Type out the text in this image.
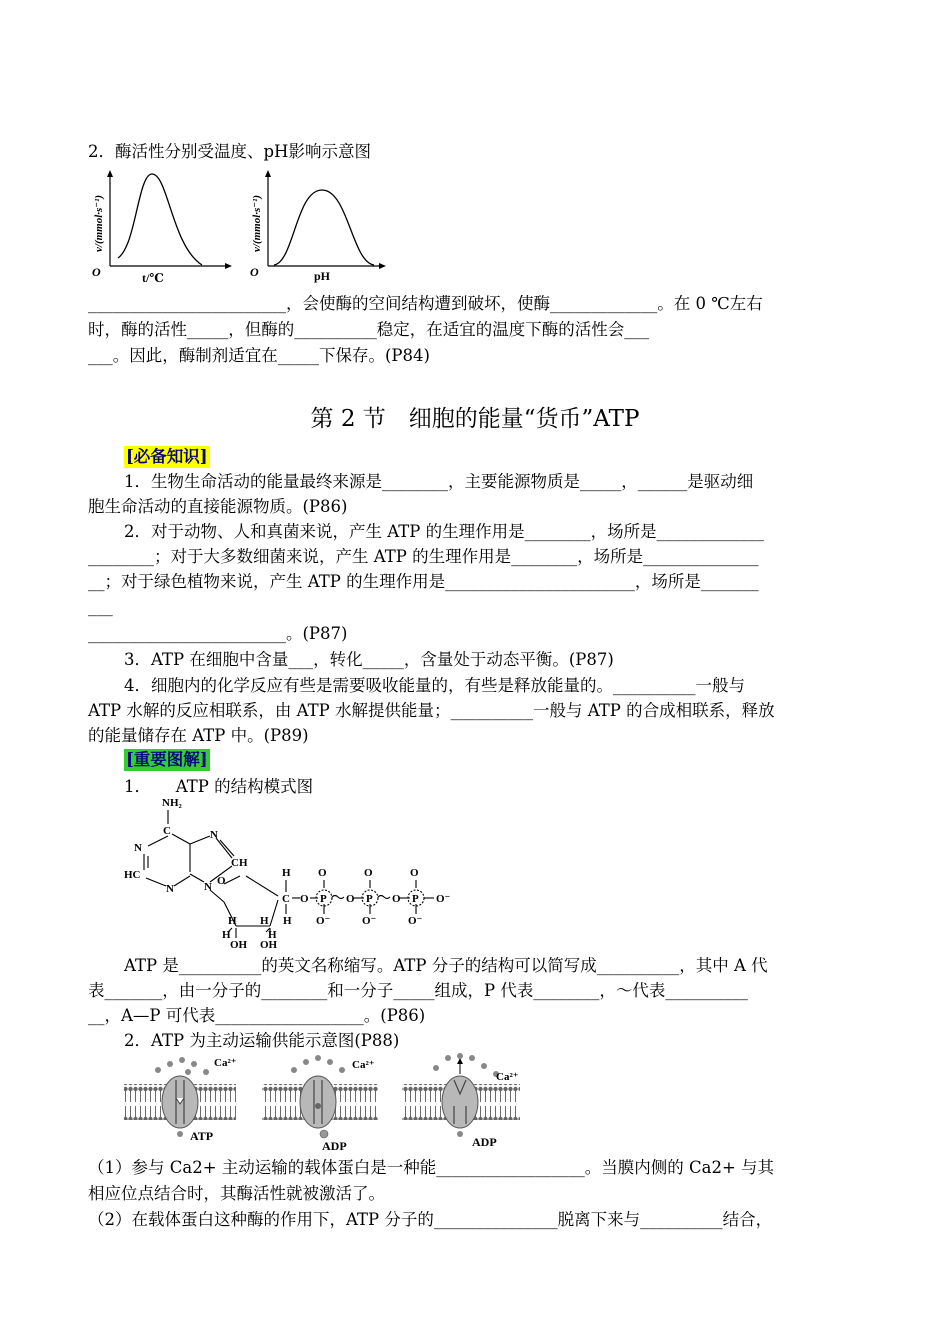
2．酶活性分别受温度、pH影响示意图
v/(mmol·s⁻¹)
O	t/℃
v/(mmol·s⁻¹)
O	pH
________________________，会使酶的空间结构遭到破坏，使酶_____________。在 0 ℃左右
时，酶的活性_____，但酶的__________稳定，在适宜的温度下酶的活性会___
___。因此，酶制剂适宜在_____下保存。(P84)
第 2 节　细胞的能量“货币”ATP
[必备知识]
1．生物生命活动的能量最终来源是________，主要能源物质是_____，______是驱动细
胞生命活动的直接能源物质。(P86)
2．对于动物、人和真菌来说，产生 ATP 的生理作用是________，场所是_____________
________；对于大多数细菌来说，产生 ATP 的生理作用是________，场所是______________
__；对于绿色植物来说，产生 ATP 的生理作用是_______________________，场所是_______
___
________________________。(P87)
3．ATP 在细胞中含量___，转化_____，含量处于动态平衡。(P87)
4．细胞内的化学反应有些是需要吸收能量的，有些是释放能量的。__________一般与
ATP 水解的反应相联系，由 ATP 水解提供能量；__________一般与 ATP 的合成相联系，释放
的能量储存在 ATP 中。(P89)
[重要图解]
1．　　ATP 的结构模式图
NH₂
C	N
N
CH
HC
N	N O
H
C
H
H
H
H
H
OH OH
O P O P O P O⁻
O	O	O
O⁻	O⁻	O⁻
ATP 是__________的英文名称缩写。ATP 分子的结构可以简写成__________，其中 A 代
表_______，由一分子的________和一分子_____组成，P 代表________，～代表__________
__，A—P 可代表__________________。(P86)
2．ATP 为主动运输供能示意图(P88)
Ca²⁺
ATP
Ca²⁺
ADP
Ca²⁺
ADP
（1）参与 Ca2+ 主动运输的载体蛋白是一种能__________________。当膜内侧的 Ca2+ 与其
相应位点结合时，其酶活性就被激活了。
（2）在载体蛋白这种酶的作用下，ATP 分子的_______________脱离下来与__________结合，
